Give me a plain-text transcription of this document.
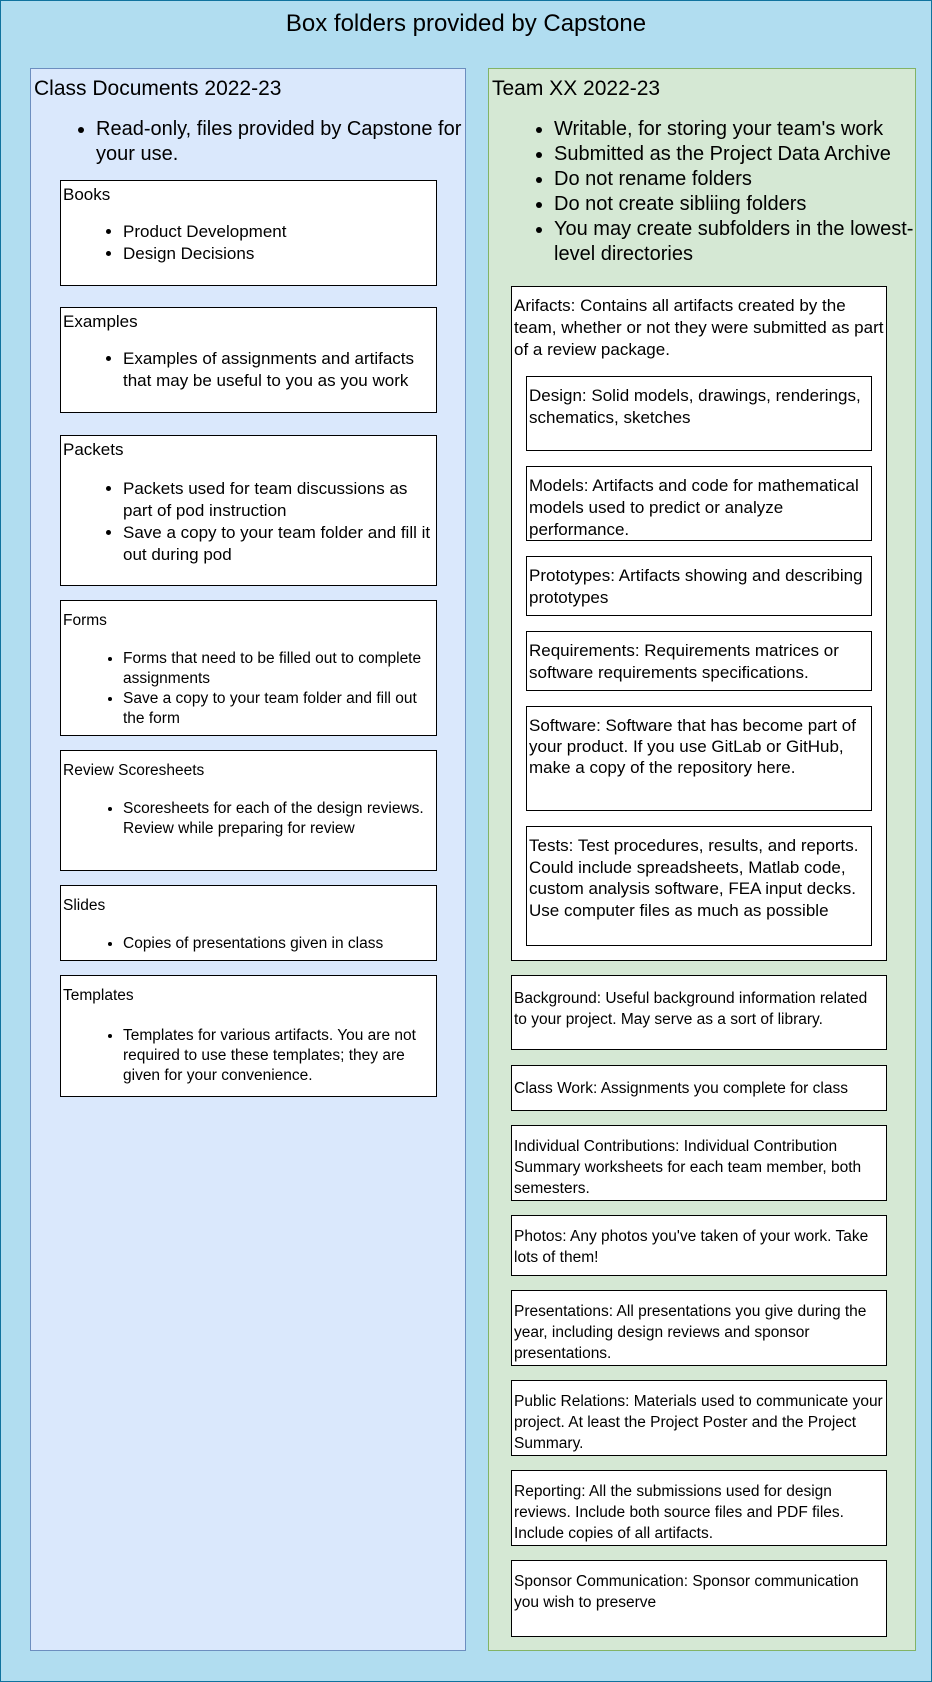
Box folders provided by Capstone
Class Documents 2022-23
• Read-only, files provided by Capstone for your use.
Books
• Product Development
• Design Decisions
Examples
• Examples of assignments and artifacts that may be useful to you as you work
Packets
• Packets used for team discussions as part of pod instruction
• Save a copy to your team folder and fill it out during pod
Forms
• Forms that need to be filled out to complete assignments
• Save a copy to your team folder and fill out the form
Review Scoresheets
• Scoresheets for each of the design reviews. Review while preparing for review
Slides
• Copies of presentations given in class
Templates
• Templates for various artifacts. You are not required to use these templates; they are given for your convenience.
Team XX 2022-23
• Writable, for storing your team's work
• Submitted as the Project Data Archive
• Do not rename folders
• Do not create sibliing folders
• You may create subfolders in the lowest-level directories
Arifacts: Contains all artifacts created by the team, whether or not they were submitted as part of a review package.
Design: Solid models, drawings, renderings, schematics, sketches
Models: Artifacts and code for mathematical models used to predict or analyze performance.
Prototypes: Artifacts showing and describing prototypes
Requirements: Requirements matrices or software requirements specifications.
Software: Software that has become part of your product. If you use GitLab or GitHub, make a copy of the repository here.
Tests: Test procedures, results, and reports. Could include spreadsheets, Matlab code, custom analysis software, FEA input decks. Use computer files as much as possible
Background: Useful background information related to your project. May serve as a sort of library.
Class Work: Assignments you complete for class
Individual Contributions: Individual Contribution Summary worksheets for each team member, both semesters.
Photos: Any photos you've taken of your work. Take lots of them!
Presentations: All presentations you give during the year, including design reviews and sponsor presentations.
Public Relations: Materials used to communicate your project. At least the Project Poster and the Project Summary.
Reporting: All the submissions used for design reviews. Include both source files and PDF files. Include copies of all artifacts.
Sponsor Communication: Sponsor communication you wish to preserve
